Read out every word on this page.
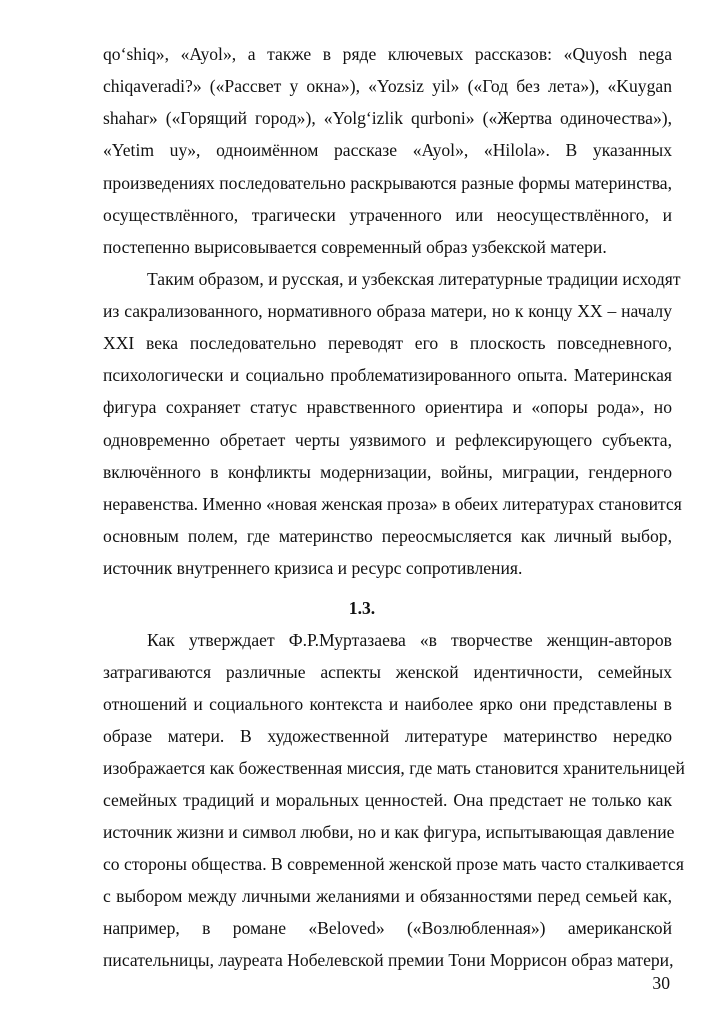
qo‘shiq», «Ayol», а также в ряде ключевых рассказов: «Quyosh nega
chiqaveradi?» («Рассвет у окна»), «Yozsiz yil» («Год без лета»), «Kuygan
shahar» («Горящий город»), «Yolg‘izlik qurboni» («Жертва одиночества»),
«Yetim uy», одноимённом рассказе «Ayol», «Hilola». В указанных
произведениях последовательно раскрываются разные формы материнства,
осуществлённого, трагически утраченного или неосуществлённого, и
постепенно вырисовывается современный образ узбекской матери.
Таким образом, и русская, и узбекская литературные традиции исходят
из сакрализованного, нормативного образа матери, но к концу XX – началу
XXI века последовательно переводят его в плоскость повседневного,
психологически и социально проблематизированного опыта. Материнская
фигура сохраняет статус нравственного ориентира и «опоры рода», но
одновременно обретает черты уязвимого и рефлексирующего субъекта,
включённого в конфликты модернизации, войны, миграции, гендерного
неравенства. Именно «новая женская проза» в обеих литературах становится
основным полем, где материнство переосмысляется как личный выбор,
источник внутреннего кризиса и ресурс сопротивления.
1.3.
Как утверждает Ф.Р.Муртазаева «в творчестве женщин-авторов
затрагиваются различные аспекты женской идентичности, семейных
отношений и социального контекста и наиболее ярко они представлены в
образе матери. В художественной литературе материнство нередко
изображается как божественная миссия, где мать становится хранительницей
семейных традиций и моральных ценностей. Она предстает не только как
источник жизни и символ любви, но и как фигура, испытывающая давление
со стороны общества. В современной женской прозе мать часто сталкивается
с выбором между личными желаниями и обязанностями перед семьей как,
например, в романе «Beloved» («Возлюбленная») американской
писательницы, лауреата Нобелевской премии Тони Моррисон образ матери,
30
